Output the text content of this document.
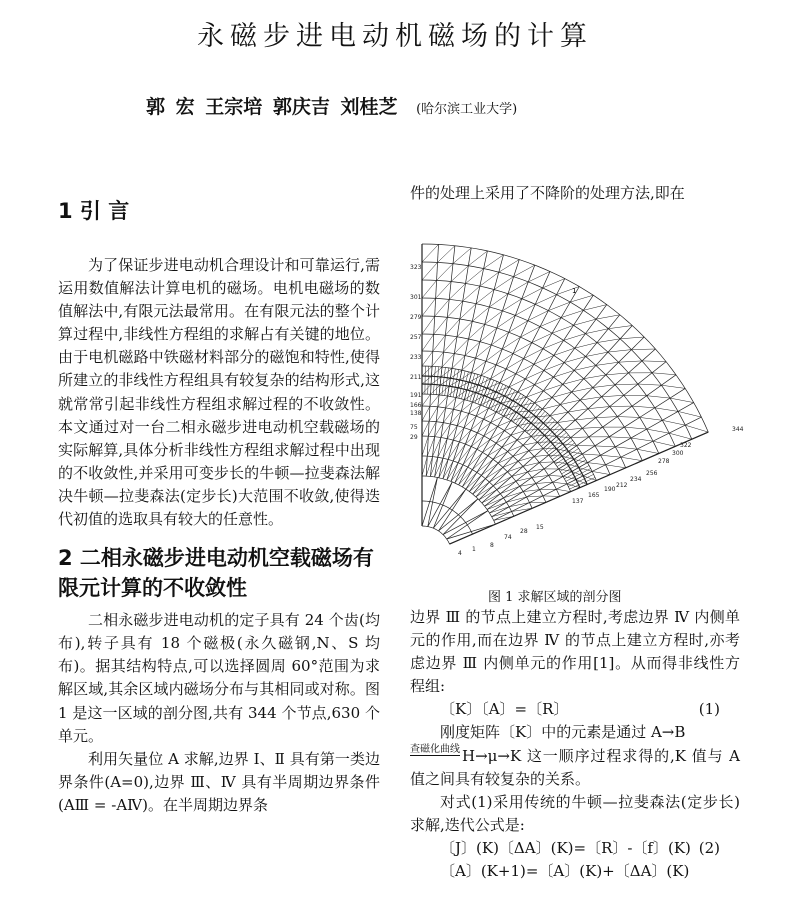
永磁步进电动机磁场的计算
郭 宏 王宗培 郭庆吉 刘桂芝 (哈尔滨工业大学)
1 引 言

为了保证步进电动机合理设计和可靠运行,需运用数值解法计算电机的磁场。电机电磁场的数值解法中,有限元法最常用。在有限元法的整个计算过程中,非线性方程组的求解占有关键的地位。由于电机磁路中铁磁材料部分的磁饱和特性,使得所建立的非线性方程组具有较复杂的结构形式,这就常常引起非线性方程组求解过程的不收敛性。本文通过对一台二相永磁步进电动机空载磁场的实际解算,具体分析非线性方程组求解过程中出现的不收敛性,并采用可变步长的牛顿—拉斐森法解决牛顿—拉斐森法(定步长)大范围不收敛,使得迭代初值的选取具有较大的任意性。

2 二相永磁步进电动机空载磁场有限元计算的不收敛性

二相永磁步进电动机的定子具有 24 个齿(均布),转子具有 18 个磁极(永久磁钢,N、S 均布)。据其结构特点,可以选择圆周 60°范围为求解区域,其余区域内磁场分布与其相同或对称。图 1 是这一区域的剖分图,共有 344 个节点,630 个单元。

利用矢量位 A 求解,边界 Ⅰ、Ⅱ 具有第一类边界条件(A=0),边界 Ⅲ、Ⅳ 具有半周期边界条件(AⅢ = -AⅣ)。在半周期边界条

件的处理上采用了不降阶的处理方法,即在

323
301
279
257
233
211
191
166
138
75
29
344
322
300
278
256
234
212
190
165
137
15
28
74
8
1
4
1
图 1 求解区域的剖分图

边界 Ⅲ 的节点上建立方程时,考虑边界 Ⅳ 内侧单元的作用,而在边界 Ⅳ 的节点上建立方程时,亦考虑边界 Ⅲ 内侧单元的作用[1]。从而得非线性方程组:

〔K〕〔A〕=〔R〕	(1)

刚度矩阵〔K〕中的元素是通过 A→B

查磁化曲线 H→μ→K 这一顺序过程求得的,K 值与 A 值之间具有较复杂的关系。

对式(1)采用传统的牛顿—拉斐森法(定步长)求解,迭代公式是:

〔J〕(K)〔ΔA〕(K)=〔R〕-〔f〕(K) (2)
〔A〕(K+1)=〔A〕(K)+〔ΔA〕(K)
